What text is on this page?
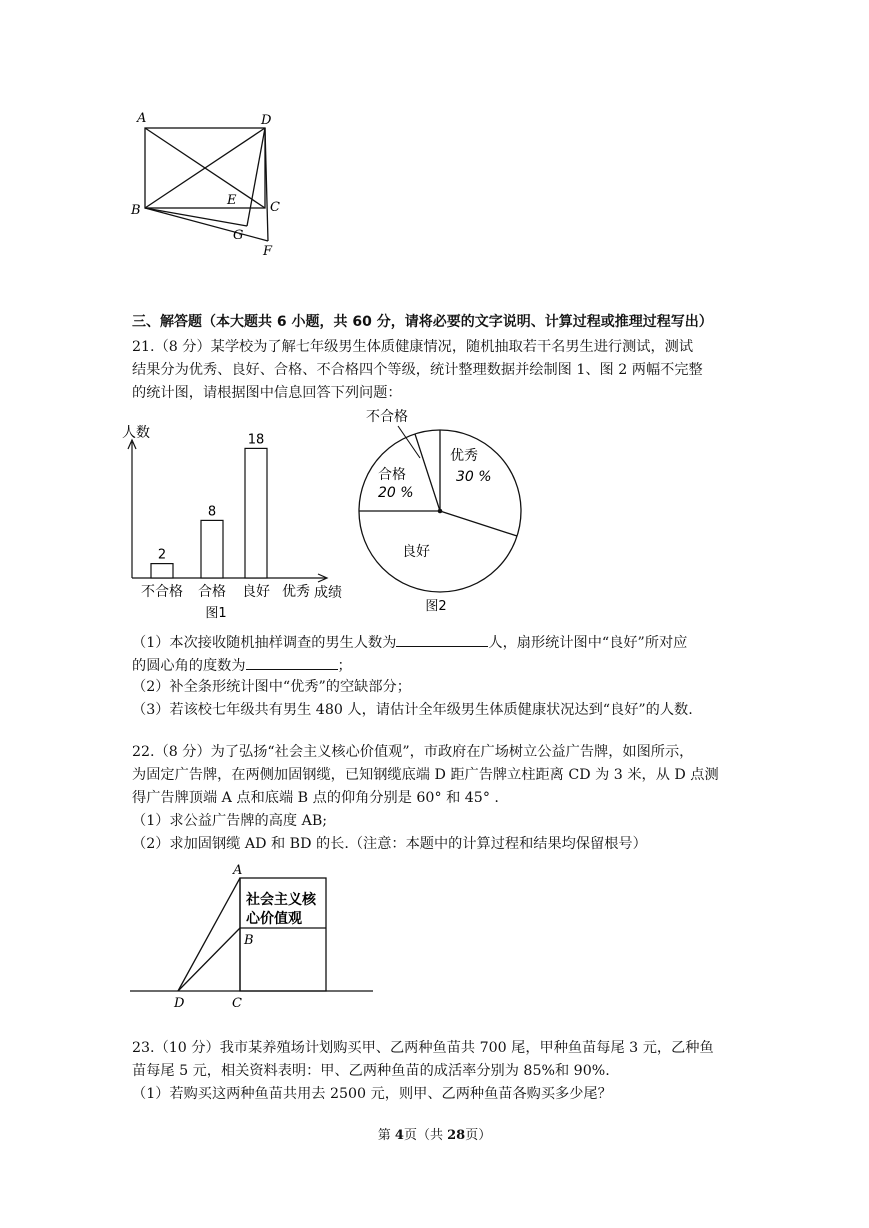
A	D
B	C
E
G
F
三、解答题（本大题共 6 小题，共 60 分，请将必要的文字说明、计算过程或推理过程写出）
21.（8 分）某学校为了解七年级男生体质健康情况，随机抽取若干名男生进行测试，测试
结果分为优秀、良好、合格、不合格四个等级，统计整理数据并绘制图 1、图 2 两幅不完整
的统计图，请根据图中信息回答下列问题：
人数
成绩
2
不合格
8
合格
18
良好 优秀
图1
优秀
30 %
良好
合格
20 %
不合格
图2
（1）本次接收随机抽样调查的男生人数为	人，扇形统计图中“良好”所对应
的圆心角的度数为	；
（2）补全条形统计图中“优秀”的空缺部分；
（3）若该校七年级共有男生 480 人，请估计全年级男生体质健康状况达到“良好”的人数.
22.（8 分）为了弘扬“社会主义核心价值观”，市政府在广场树立公益广告牌，如图所示，
为固定广告牌，在两侧加固钢缆，已知钢缆底端 D 距广告牌立柱距离 CD 为 3 米，从 D 点测
得广告牌顶端 A 点和底端 B 点的仰角分别是 60° 和 45° .
（1）求公益广告牌的高度 AB;
（2）求加固钢缆 AD 和 BD 的长.（注意：本题中的计算过程和结果均保留根号）
社会主义核
心价值观
A
B
C
D
23.（10 分）我市某养殖场计划购买甲、乙两种鱼苗共 700 尾，甲种鱼苗每尾 3 元，乙种鱼
苗每尾 5 元，相关资料表明：甲、乙两种鱼苗的成活率分别为 85%和 90%.
（1）若购买这两种鱼苗共用去 2500 元，则甲、乙两种鱼苗各购买多少尾？
第 4页（共 28页）
